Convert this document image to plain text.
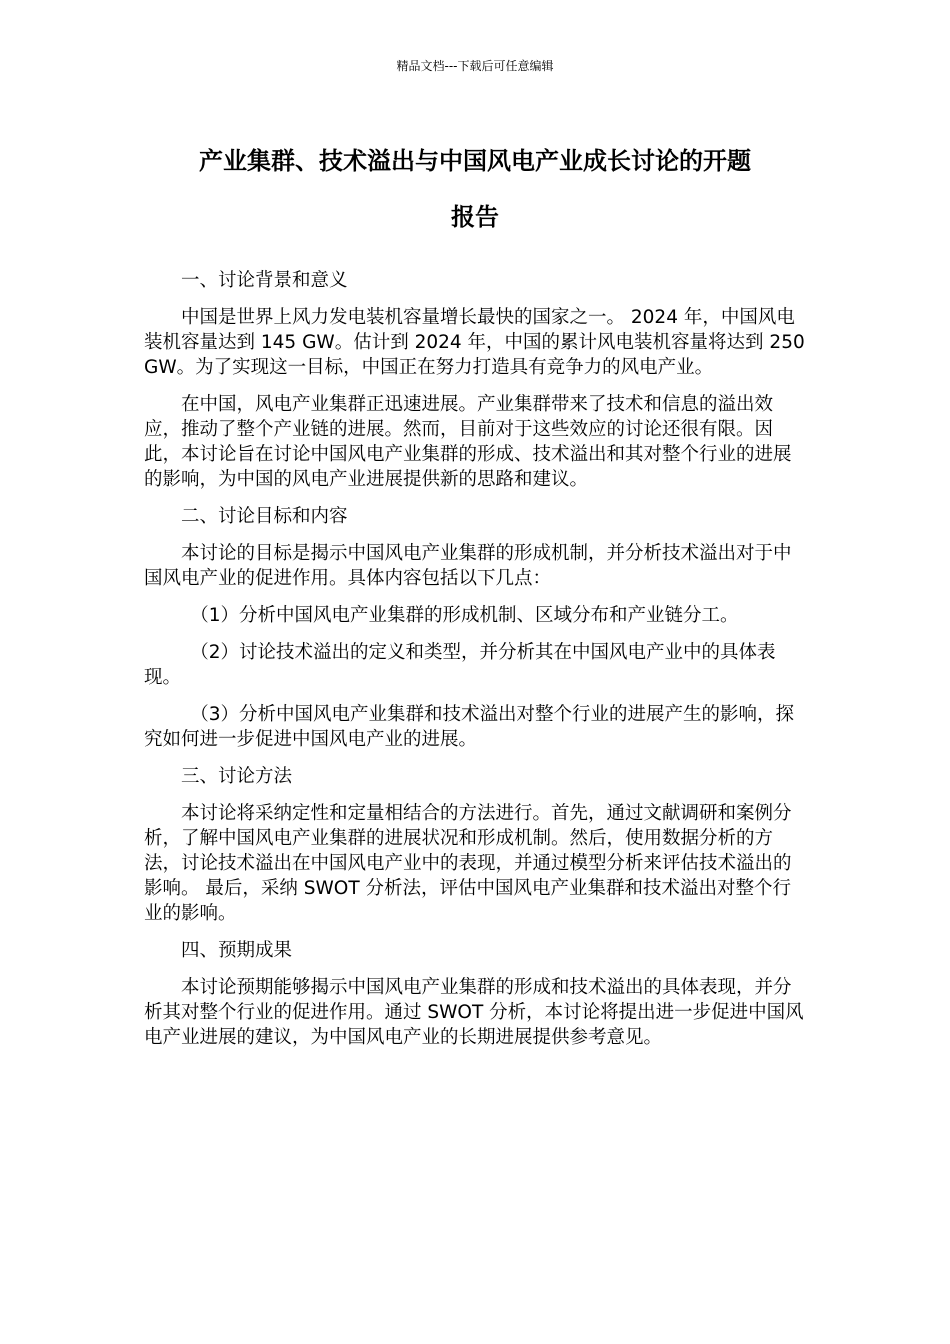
精品文档---下载后可任意编辑
产业集群、技术溢出与中国风电产业成长讨论的开题
报告

一、讨论背景和意义

中国是世界上风力发电装机容量增长最快的国家之一。 2024 年，中国风电装机容量达到 145 GW。估计到 2024 年，中国的累计风电装机容量将达到 250 GW。为了实现这一目标，中国正在努力打造具有竞争力的风电产业。

在中国，风电产业集群正迅速进展。产业集群带来了技术和信息的溢出效应，推动了整个产业链的进展。然而，目前对于这些效应的讨论还很有限。因此，本讨论旨在讨论中国风电产业集群的形成、技术溢出和其对整个行业的进展的影响，为中国的风电产业进展提供新的思路和建议。

二、讨论目标和内容

本讨论的目标是揭示中国风电产业集群的形成机制，并分析技术溢出对于中国风电产业的促进作用。具体内容包括以下几点：

（1）分析中国风电产业集群的形成机制、区域分布和产业链分工。

（2）讨论技术溢出的定义和类型，并分析其在中国风电产业中的具体表现。

（3）分析中国风电产业集群和技术溢出对整个行业的进展产生的影响，探究如何进一步促进中国风电产业的进展。

三、讨论方法

本讨论将采纳定性和定量相结合的方法进行。首先，通过文献调研和案例分析，了解中国风电产业集群的进展状况和形成机制。然后，使用数据分析的方法，讨论技术溢出在中国风电产业中的表现，并通过模型分析来评估技术溢出的影响。 最后，采纳 SWOT 分析法，评估中国风电产业集群和技术溢出对整个行业的影响。

四、预期成果

本讨论预期能够揭示中国风电产业集群的形成和技术溢出的具体表现，并分析其对整个行业的促进作用。通过 SWOT 分析，本讨论将提出进一步促进中国风电产业进展的建议，为中国风电产业的长期进展提供参考意见。
